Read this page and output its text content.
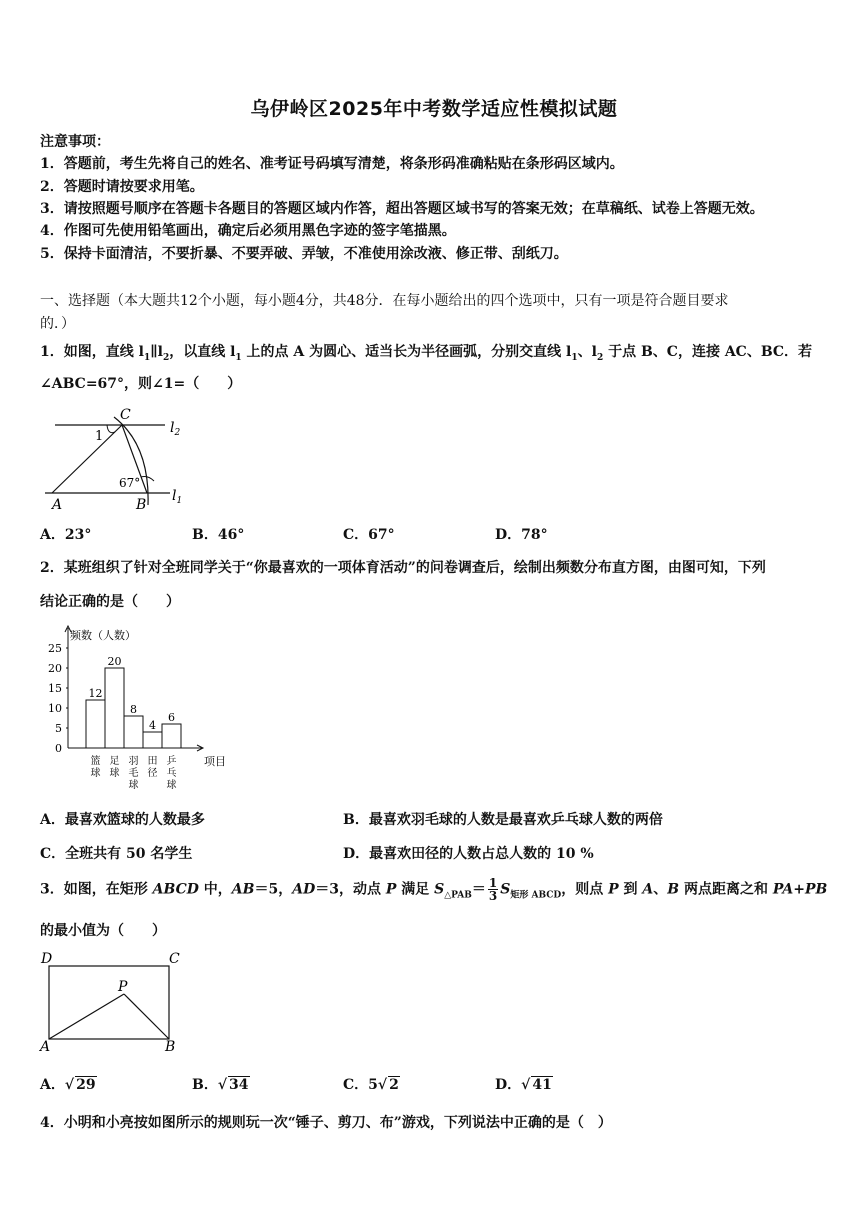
乌伊岭区2025年中考数学适应性模拟试题
注意事项：
1．答题前，考生先将自己的姓名、准考证号码填写清楚，将条形码准确粘贴在条形码区域内。
2．答题时请按要求用笔。
3．请按照题号顺序在答题卡各题目的答题区域内作答，超出答题区域书写的答案无效；在草稿纸、试卷上答题无效。
4．作图可先使用铅笔画出，确定后必须用黑色字迹的签字笔描黑。
5．保持卡面清洁，不要折暴、不要弄破、弄皱，不准使用涂改液、修正带、刮纸刀。
一、选择题（本大题共12个小题，每小题4分，共48分．在每小题给出的四个选项中，只有一项是符合题目要求
的．）
1．如图，直线 $l_1\parallel l_2$，以直线 $l_1$ 上的点 A 为圆心、适当长为半径画弧，分别交直线 $l_1$、$l_2$ 于点 B、C，连接 AC、BC．若
∠ABC=67°，则∠1=（　　）
C
1
67°
A	B
$l_2$
$l_1$
A．23°	B．46°	C．67°	D．78°
2．某班组织了针对全班同学关于“你最喜欢的一项体育活动”的问卷调查后，绘制出频数分布直方图，由图可知，下列
结论正确的是（　　）
频数（人数）
项目
0
5
10
15
20
25
12
篮球
20
足球
8
羽毛球
4
田径
6
乒乓球
A．最喜欢篮球的人数最多	B．最喜欢羽毛球的人数是最喜欢乒乓球人数的两倍
C．全班共有 50 名学生	D．最喜欢田径的人数占总人数的 10 %
3．如图，在矩形 ABCD 中，AB＝5，AD＝3，动点 P 满足 $S_{\triangle PAB}= \frac{1}{3} S_{矩形 ABCD}$，则点 P 到 A、B 两点距离之和 PA+PB
的最小值为（　　）
D	C
P
A	B
A．√ 29	B．√ 34	C．5√ 2	D．√ 41
4．小明和小亮按如图所示的规则玩一次“锤子、剪刀、布”游戏，下列说法中正确的是（　）
